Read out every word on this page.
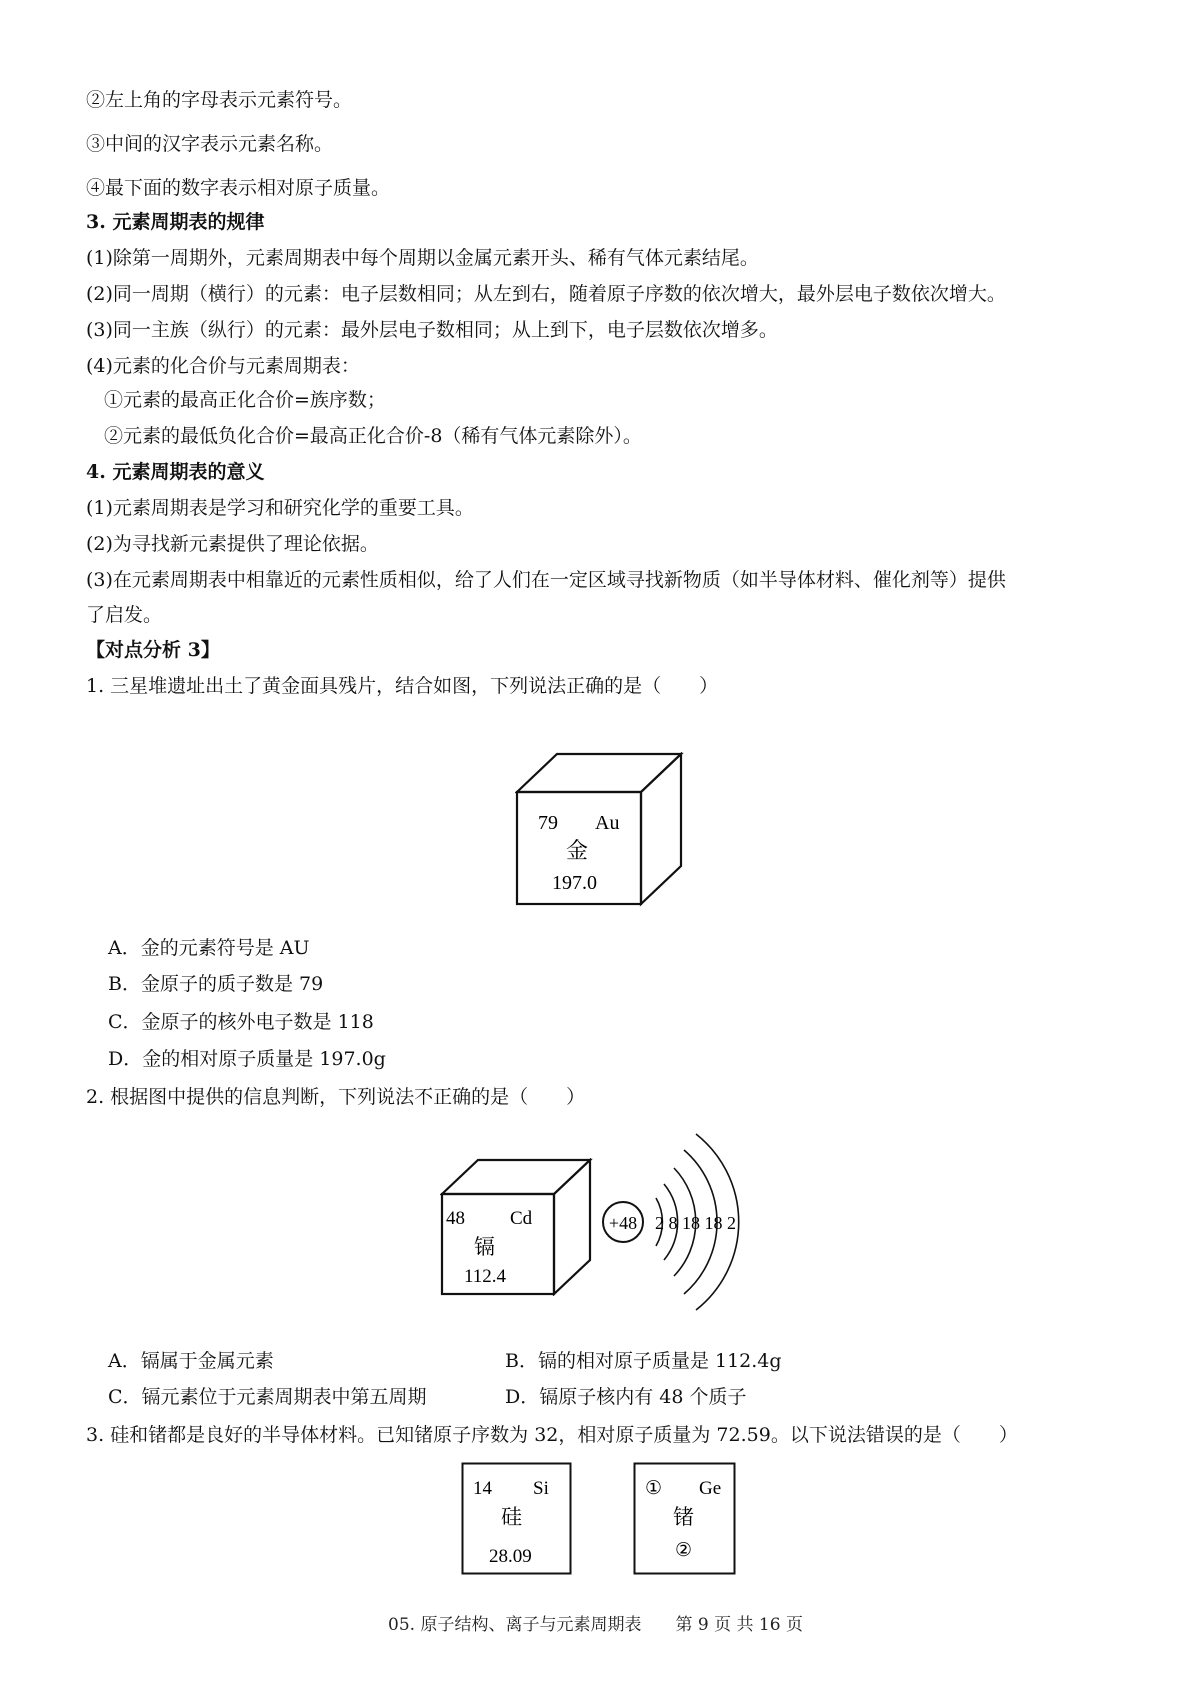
②左上角的字母表示元素符号。
③中间的汉字表示元素名称。
④最下面的数字表示相对原子质量。
3. 元素周期表的规律
(1)除第一周期外，元素周期表中每个周期以金属元素开头、稀有气体元素结尾。
(2)同一周期（横行）的元素：电子层数相同；从左到右，随着原子序数的依次增大，最外层电子数依次增大。
(3)同一主族（纵行）的元素：最外层电子数相同；从上到下，电子层数依次增多。
(4)元素的化合价与元素周期表：
①元素的最高正化合价=族序数；
②元素的最低负化合价=最高正化合价-8（稀有气体元素除外）。
4. 元素周期表的意义
(1)元素周期表是学习和研究化学的重要工具。
(2)为寻找新元素提供了理论依据。
(3)在元素周期表中相靠近的元素性质相似，给了人们在一定区域寻找新物质（如半导体材料、催化剂等）提供
了启发。
【对点分析 3】
1. 三星堆遗址出土了黄金面具残片，结合如图，下列说法正确的是（　　）
79 Au
金
197.0
A．金的元素符号是 AU
B．金原子的质子数是 79
C．金原子的核外电子数是 118
D．金的相对原子质量是 197.0g
2. 根据图中提供的信息判断，下列说法不正确的是（　　）
48 Cd
镉
112.4
+48 2 8 18 18 2
A．镉属于金属元素	B．镉的相对原子质量是 112.4g
C．镉元素位于元素周期表中第五周期	D．镉原子核内有 48 个质子
3. 硅和锗都是良好的半导体材料。已知锗原子序数为 32，相对原子质量为 72.59。以下说法错误的是（　　）
14 Si
硅
28.09
① Ge
锗
②
05. 原子结构、离子与元素周期表　　第 9 页 共 16 页
